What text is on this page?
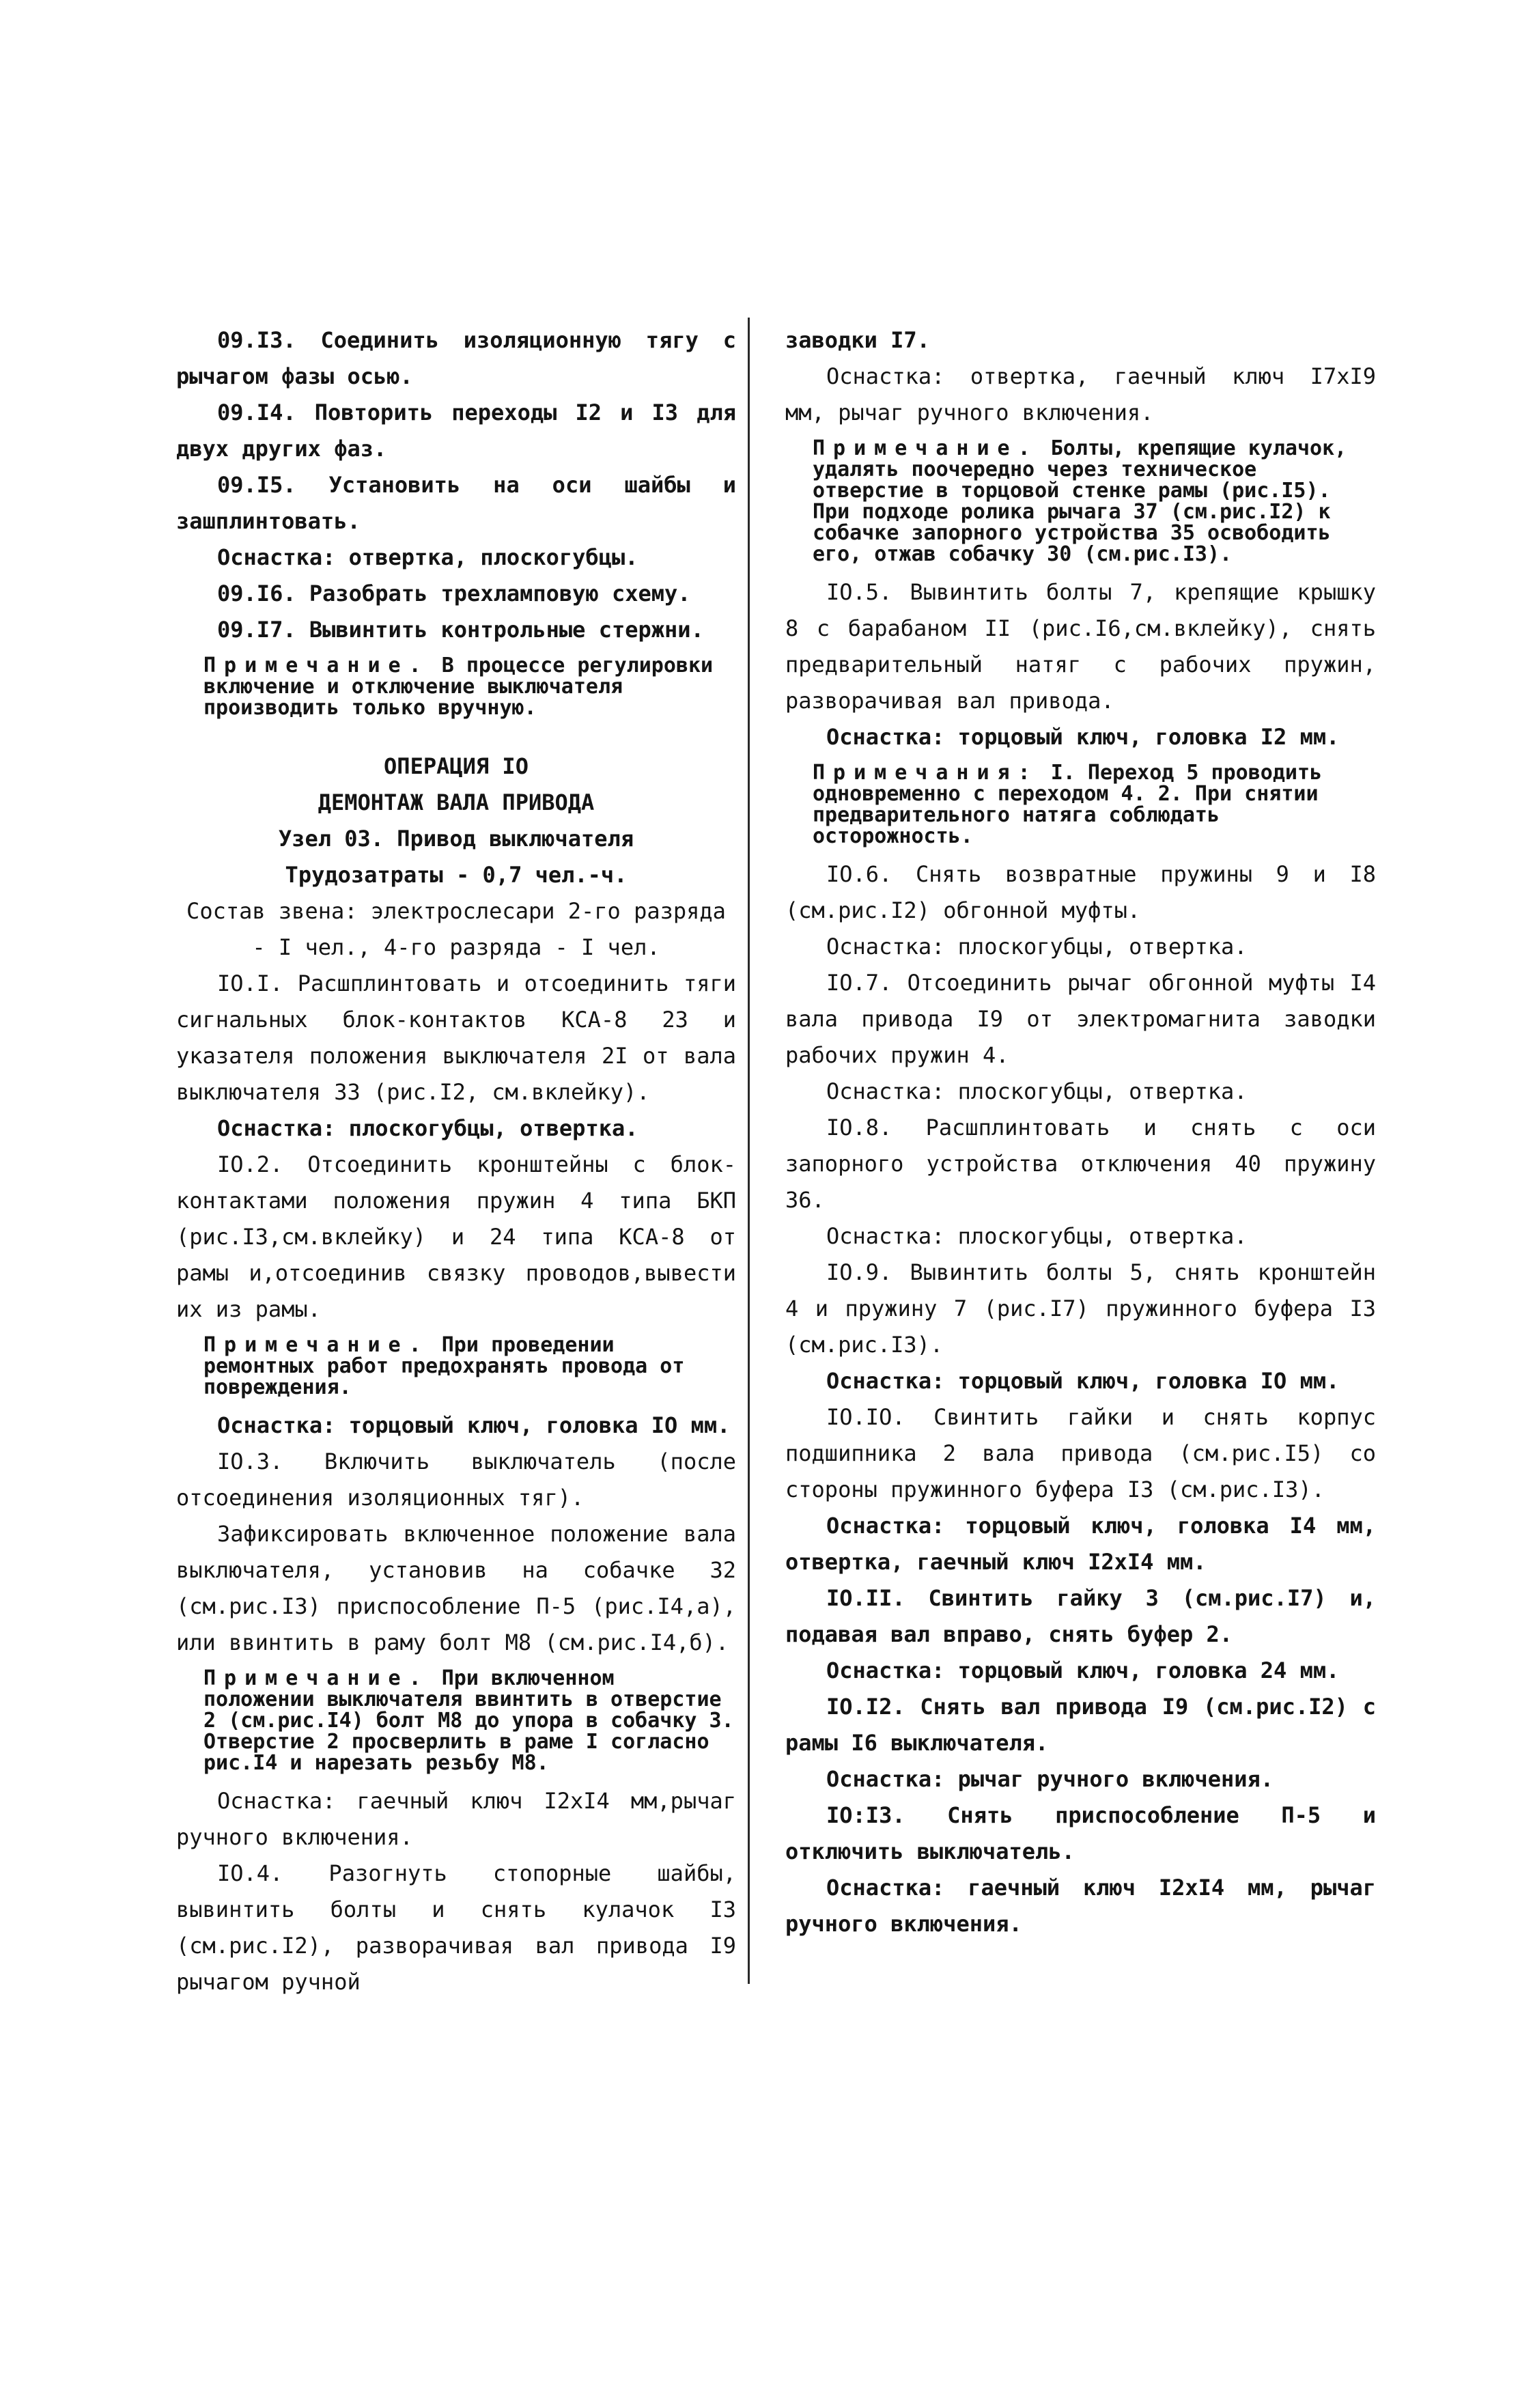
09.I3. Соединить изоляционную тягу с рычагом фазы осью.

09.I4. Повторить переходы I2 и I3 для двух других фаз.

09.I5. Установить на оси шайбы и зашплинтовать.

Оснастка: отвертка, плоскогубцы.

09.I6. Разобрать трехламповую схему.

09.I7. Вывинтить контрольные стержни.

Примечание. В процессе регулировки включение и отключение выключателя производить только вручную.

ОПЕРАЦИЯ IO

ДЕМОНТАЖ ВАЛА ПРИВОДА

Узел 03. Привод выключателя

Трудозатраты - 0,7 чел.-ч.

Состав звена: электрослесари 2-го разряда - I чел., 4-го разряда - I чел.

IO.I. Расшплинтовать и отсоединить тяги сигнальных блок-контактов КСА-8 23 и указателя положения выключателя 2I от вала выключателя 33 (рис.I2, см.вклейку).

Оснастка: плоскогубцы, отвертка.

IO.2. Отсоединить кронштейны с блок-контактами положения пружин 4 типа БКП (рис.I3,см.вклейку) и 24 типа КСА-8 от рамы и,отсоединив связку проводов,вывести их из рамы.

Примечание. При проведении ремонтных работ предохранять провода от повреждения.

Оснастка: торцовый ключ, головка IO мм.

IO.3. Включить выключатель (после отсоединения изоляционных тяг).

Зафиксировать включенное положение вала выключателя, установив на собачке 32 (см.рис.I3) приспособление П-5 (рис.I4,а), или ввинтить в раму болт М8 (см.рис.I4,б).

Примечание. При включенном положении выключателя ввинтить в отверстие 2 (см.рис.I4) болт М8 до упора в собачку 3. Отверстие 2 просверлить в раме I согласно рис.I4 и нарезать резьбу М8.

Оснастка: гаечный ключ I2xI4 мм,рычаг ручного включения.

IO.4. Разогнуть стопорные шайбы, вывинтить болты и снять кулачок I3 (см.рис.I2), разворачивая вал привода I9 рычагом ручной

заводки I7.

Оснастка: отвертка, гаечный ключ I7xI9 мм, рычаг ручного включения.

Примечание. Болты, крепящие кулачок, удалять поочередно через техническое отверстие в торцовой стенке рамы (рис.I5). При подходе ролика рычага 37 (см.рис.I2) к собачке запорного устройства 35 освободить его, отжав собачку 30 (см.рис.I3).

IO.5. Вывинтить болты 7, крепящие крышку 8 с барабаном II (рис.I6,см.вклейку), снять предварительный натяг с рабочих пружин, разворачивая вал привода.

Оснастка: торцовый ключ, головка I2 мм.

Примечания: I. Переход 5 проводить одновременно с переходом 4. 2. При снятии предварительного натяга соблюдать осторожность.

IO.6. Снять возвратные пружины 9 и I8 (см.рис.I2) обгонной муфты.

Оснастка: плоскогубцы, отвертка.

IO.7. Отсоединить рычаг обгонной муфты I4 вала привода I9 от электромагнита заводки рабочих пружин 4.

Оснастка: плоскогубцы, отвертка.

IO.8. Расшплинтовать и снять с оси запорного устройства отключения 40 пружину 36.

Оснастка: плоскогубцы, отвертка.

IO.9. Вывинтить болты 5, снять кронштейн 4 и пружину 7 (рис.I7) пружинного буфера I3 (см.рис.I3).

Оснастка: торцовый ключ, головка IO мм.

IO.IO. Свинтить гайки и снять корпус подшипника 2 вала привода (см.рис.I5) со стороны пружинного буфера I3 (см.рис.I3).

Оснастка: торцовый ключ, головка I4 мм, отвертка, гаечный ключ I2xI4 мм.

IO.II. Свинтить гайку 3 (см.рис.I7) и, подавая вал вправо, снять буфер 2.

Оснастка: торцовый ключ, головка 24 мм.

IO.I2. Снять вал привода I9 (см.рис.I2) с рамы I6 выключателя.

Оснастка: рычаг ручного включения.

IO:I3. Снять приспособление П-5 и отключить выключатель.

Оснастка: гаечный ключ I2xI4 мм, рычаг ручного включения.
